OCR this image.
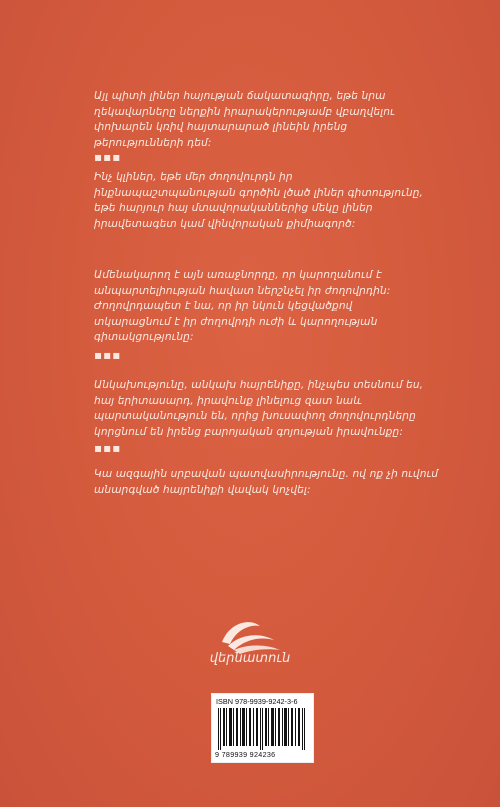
Այլ պիտի լիներ հայության ճակատագիրը, եթե նրա

ղեկավարները ներքին իրարակերությամբ վբաղվելու

փոխարեն կռիվ հայտարարած լինեին իրենց

թերությունների դեմ:

▪▪▪

Ինչ կլիներ, եթե մեր ժողովուրդն իր

ինքնապաշտպանության գործին լծած լիներ գիտությունը,

եթե հարյուր հայ մտավորականներից մեկը լիներ

իրավետագետ կամ վինվորական քիմիագործ:

Ամենակարող է այն առաջնորդը, որ կարողանում է

անպարտելիության հավատ ներշնչել իր ժողովրդին:

Ժողովրդապետ է նա, որ իր նկուն կեցվածքով

տկարացնում է իր ժողովրդի ուժի և կարողության

գիտակցությունը:

▪▪▪

Անկախությունը, անկախ հայրենիքը, ինչպես տեսնում ես,

հայ երիտասարդ, իրավունք լինելուց զատ նաև

պարտականություն են, որից խուսափող ժողովուրդները

կորցնում են իրենց բարոյական գոյության իրավունքը:

▪▪▪

Կա ազգային սրբավան պատվասիրությունը. ով ոք չի ուվում

անարգված հայրենիքի վավակ կոչվել:

վերնատուն
ISBN 978-9939-9242-3-6
9 789939 924236
